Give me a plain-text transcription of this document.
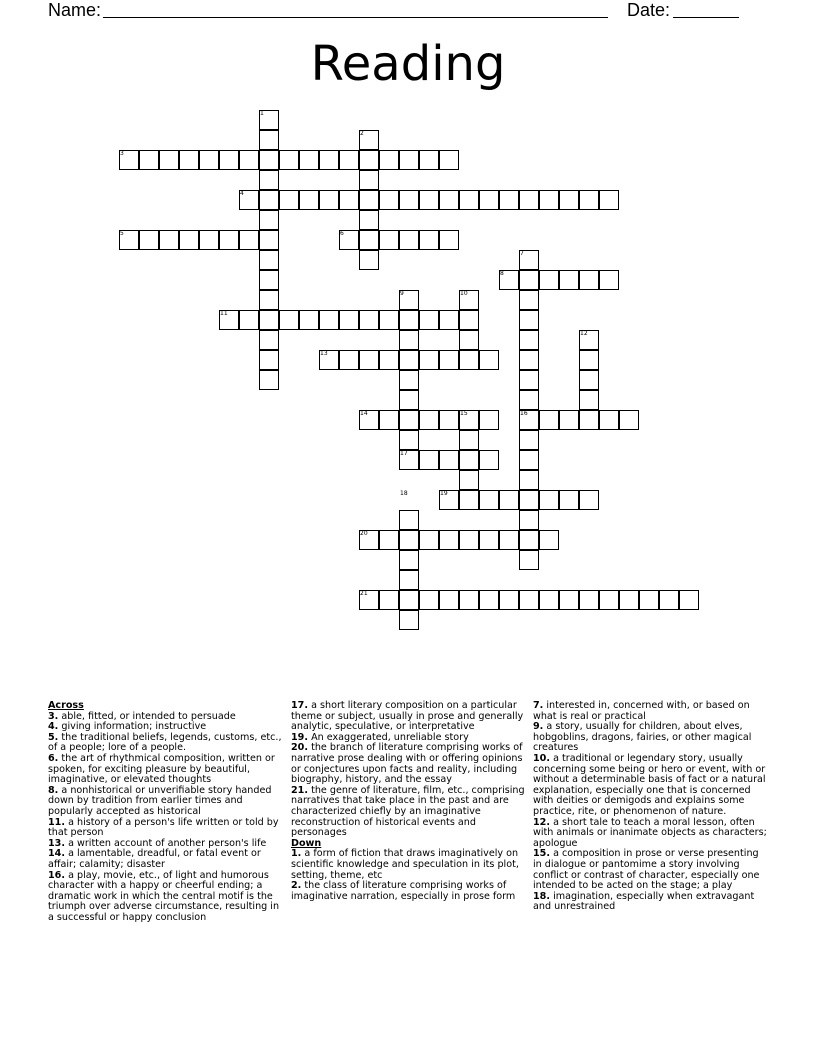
Name:	Date:
Reading
1
2
3
4
5	6
7
8
9	10
11
12
13
14	15	16
17
18	19
20
21
Across
3. able, fitted, or intended to persuade
4. giving information; instructive
5. the traditional beliefs, legends, customs, etc., of a people; lore of a people.
6. the art of rhythmical composition, written or spoken, for exciting pleasure by beautiful, imaginative, or elevated thoughts
8. a nonhistorical or unverifiable story handed down by tradition from earlier times and popularly accepted as historical
11. a history of a person's life written or told by that person
13. a written account of another person's life
14. a lamentable, dreadful, or fatal event or affair; calamity; disaster
16. a play, movie, etc., of light and humorous character with a happy or cheerful ending; a dramatic work in which the central motif is the triumph over adverse circumstance, resulting in a successful or happy conclusion
17. a short literary composition on a particular theme or subject, usually in prose and generally analytic, speculative, or interpretative
19. An exaggerated, unreliable story
20. the branch of literature comprising works of narrative prose dealing with or offering opinions or conjectures upon facts and reality, including biography, history, and the essay
21. the genre of literature, film, etc., comprising narratives that take place in the past and are characterized chiefly by an imaginative reconstruction of historical events and personages
Down
1. a form of fiction that draws imaginatively on scientific knowledge and speculation in its plot, setting, theme, etc
2. the class of literature comprising works of imaginative narration, especially in prose form
7. interested in, concerned with, or based on what is real or practical
9. a story, usually for children, about elves, hobgoblins, dragons, fairies, or other magical creatures
10. a traditional or legendary story, usually concerning some being or hero or event, with or without a determinable basis of fact or a natural explanation, especially one that is concerned with deities or demigods and explains some practice, rite, or phenomenon of nature.
12. a short tale to teach a moral lesson, often with animals or inanimate objects as characters; apologue
15. a composition in prose or verse presenting in dialogue or pantomime a story involving conflict or contrast of character, especially one intended to be acted on the stage; a play
18. imagination, especially when extravagant and unrestrained
